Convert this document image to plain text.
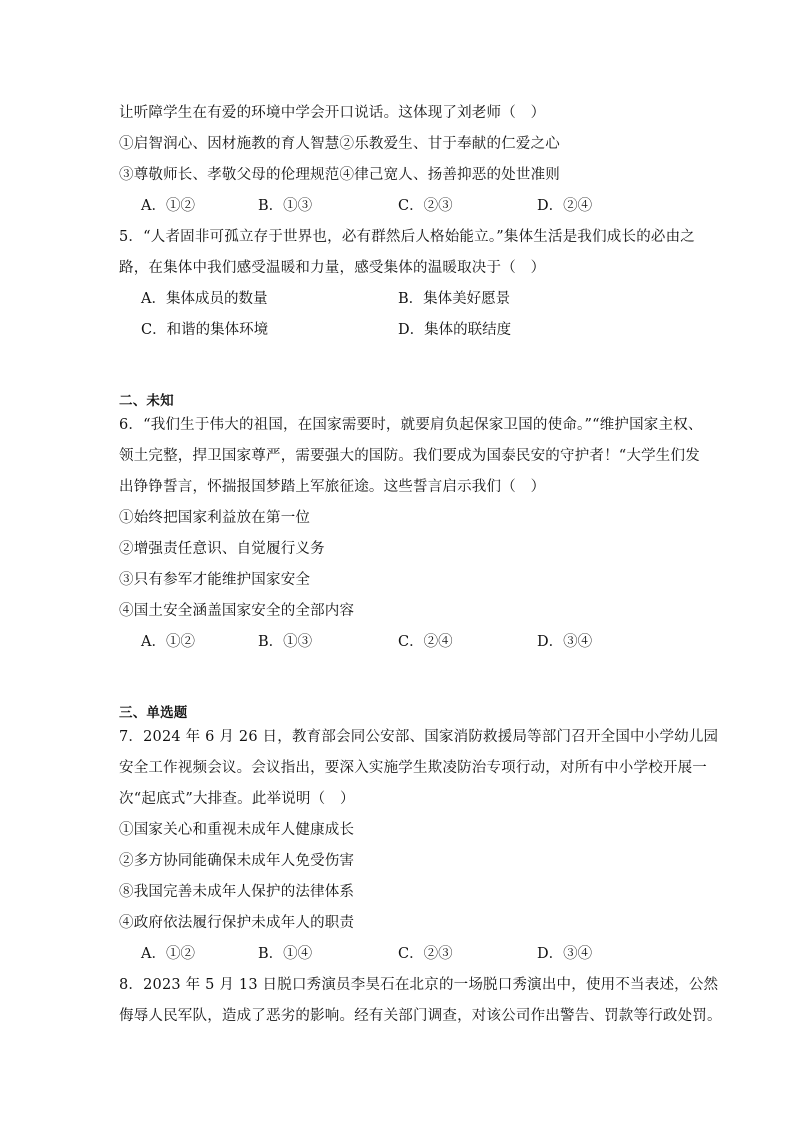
让听障学生在有爱的环境中学会开口说话。这体现了刘老师（　）
①启智润心、因材施教的育人智慧②乐教爱生、甘于奉献的仁爱之心
③尊敬师长、孝敬父母的伦理规范④律己宽人、扬善抑恶的处世准则
A．①②	B．①③	C．②③	D．②④
5．“人者固非可孤立存于世界也，必有群然后人格始能立。”集体生活是我们成长的必由之
路，在集体中我们感受温暖和力量，感受集体的温暖取决于（　）
A．集体成员的数量	B．集体美好愿景
C．和谐的集体环境	D．集体的联结度
二、未知
6．“我们生于伟大的祖国，在国家需要时，就要肩负起保家卫国的使命。”“维护国家主权、
领土完整，捍卫国家尊严，需要强大的国防。我们要成为国泰民安的守护者！“大学生们发
出铮铮誓言，怀揣报国梦踏上军旅征途。这些誓言启示我们（　）
①始终把国家利益放在第一位
②增强责任意识、自觉履行义务
③只有参军才能维护国家安全
④国土安全涵盖国家安全的全部内容
A．①②	B．①③	C．②④	D．③④
三、单选题
7．2024 年 6 月 26 日，教育部会同公安部、国家消防救援局等部门召开全国中小学幼儿园
安全工作视频会议。会议指出，要深入实施学生欺凌防治专项行动，对所有中小学校开展一
次“起底式”大排查。此举说明（　）
①国家关心和重视未成年人健康成长
②多方协同能确保未成年人免受伤害
⑧我国完善未成年人保护的法律体系
④政府依法履行保护未成年人的职责
A．①②	B．①④	C．②③	D．③④
8．2023 年 5 月 13 日脱口秀演员李昊石在北京的一场脱口秀演出中，使用不当表述，公然
侮辱人民军队，造成了恶劣的影响。经有关部门调查，对该公司作出警告、罚款等行政处罚。
